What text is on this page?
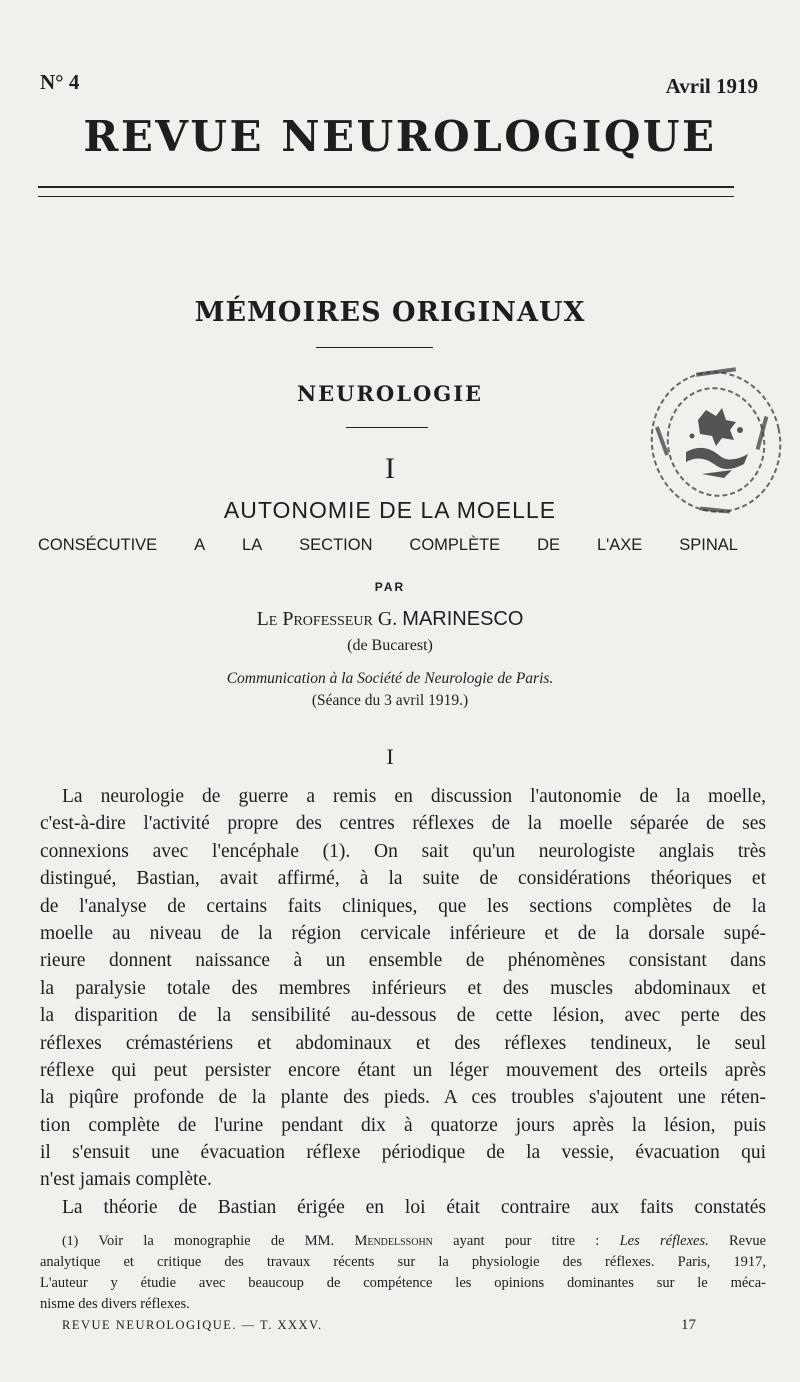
N° 4	Avril 1919
REVUE NEUROLOGIQUE
MÉMOIRES ORIGINAUX
NEUROLOGIE
I
AUTONOMIE DE LA MOELLE
CONSÉCUTIVE A LA SECTION COMPLÈTE DE L'AXE SPINAL
PAR
Le Professeur G. MARINESCO
(de Bucarest)
Communication à la Société de Neurologie de Paris.
(Séance du 3 avril 1919.)
I
La neurologie de guerre a remis en discussion l'autonomie de la moelle,
c'est-à-dire l'activité propre des centres réflexes de la moelle séparée de ses
connexions avec l'encéphale (1). On sait qu'un neurologiste anglais très
distingué, Bastian, avait affirmé, à la suite de considérations théoriques et
de l'analyse de certains faits cliniques, que les sections complètes de la
moelle au niveau de la région cervicale inférieure et de la dorsale supé-
rieure donnent naissance à un ensemble de phénomènes consistant dans
la paralysie totale des membres inférieurs et des muscles abdominaux et
la disparition de la sensibilité au-dessous de cette lésion, avec perte des
réflexes crémastériens et abdominaux et des réflexes tendineux, le seul
réflexe qui peut persister encore étant un léger mouvement des orteils après
la piqûre profonde de la plante des pieds. A ces troubles s'ajoutent une réten-
tion complète de l'urine pendant dix à quatorze jours après la lésion, puis
il s'ensuit une évacuation réflexe périodique de la vessie, évacuation qui
n'est jamais complète.
La théorie de Bastian érigée en loi était contraire aux faits constatés
(1) Voir la monographie de MM. Mendelssohn ayant pour titre : Les réflexes. Revue
analytique et critique des travaux récents sur la physiologie des réflexes. Paris, 1917,
L'auteur y étudie avec beaucoup de compétence les opinions dominantes sur le méca-
nisme des divers réflexes.
REVUE NEUROLOGIQUE. — T. XXXV.	17
